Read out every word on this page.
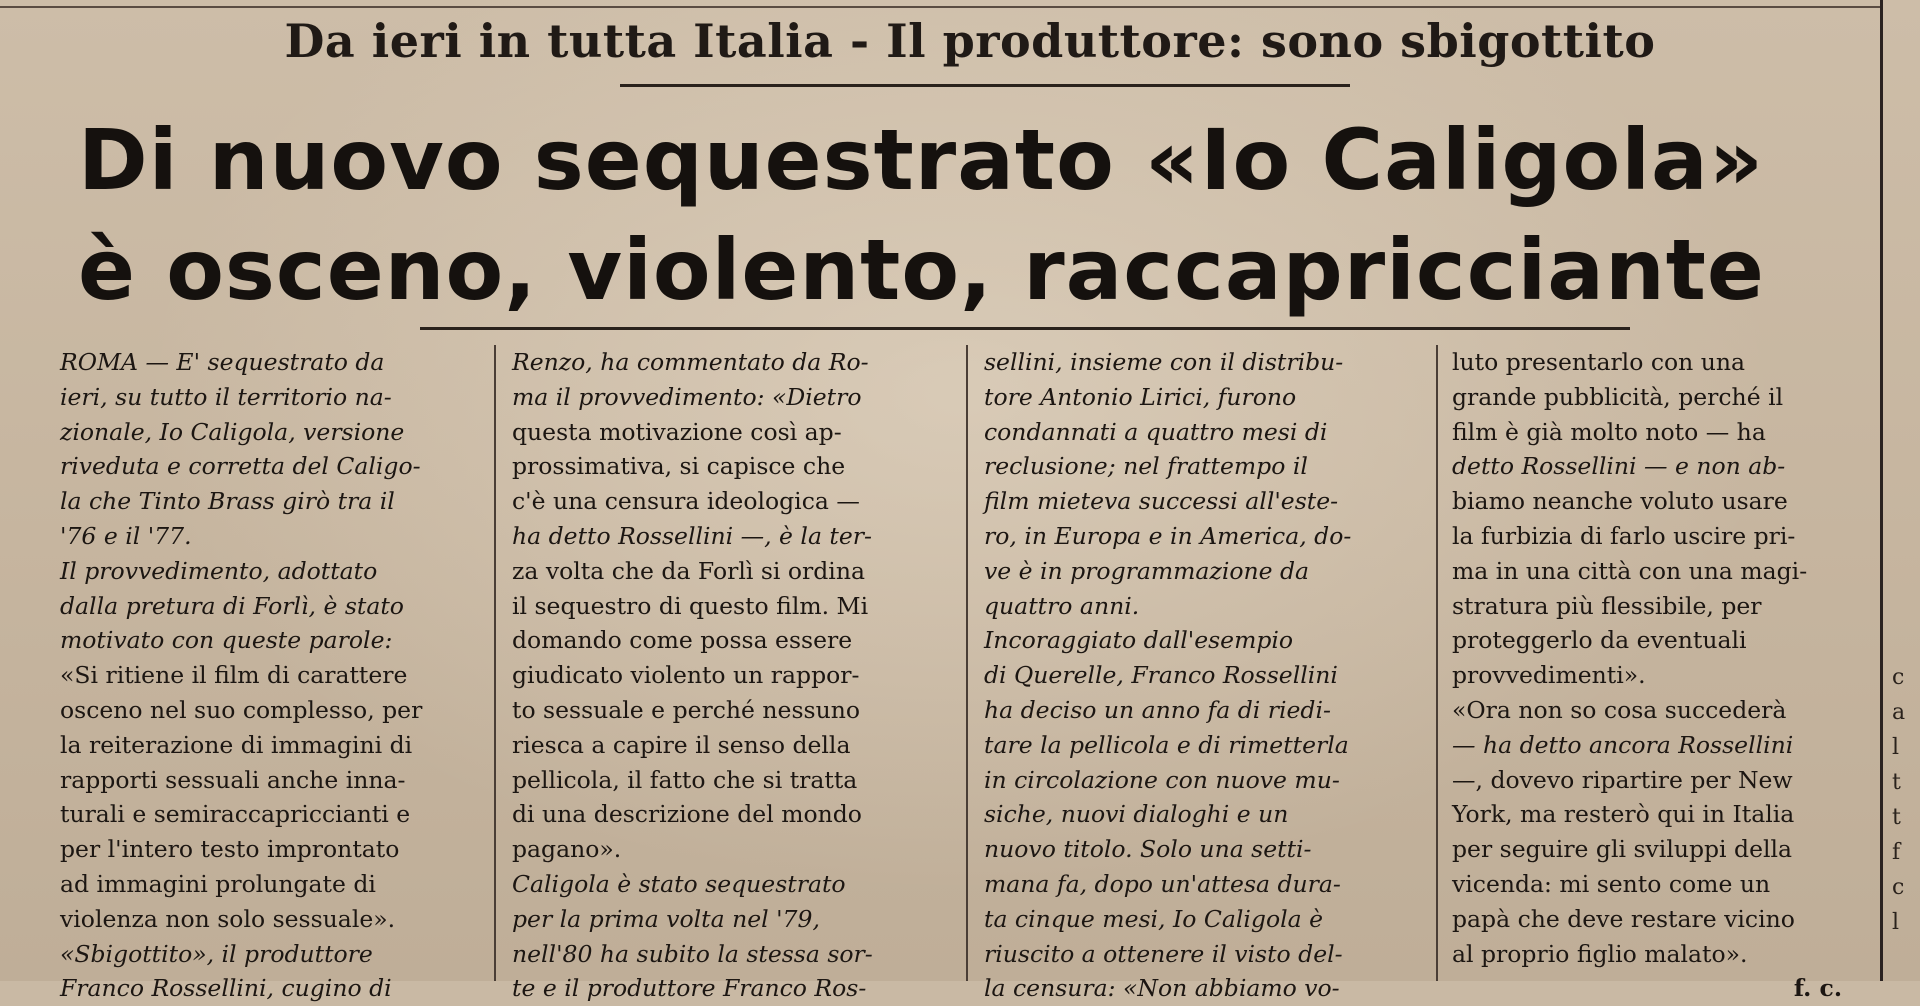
Da ieri in tutta Italia - Il produttore: sono sbigottito
Di nuovo sequestrato «Io Caligola»
è osceno, violento, raccapricciante
ROMA — E' sequestrato da
ieri, su tutto il territorio na-
zionale, Io Caligola, versione
riveduta e corretta del Caligo-
la che Tinto Brass girò tra il
'76 e il '77.
Il provvedimento, adottato
dalla pretura di Forlì, è stato
motivato con queste parole:
«Si ritiene il film di carattere
osceno nel suo complesso, per
la reiterazione di immagini di
rapporti sessuali anche inna-
turali e semiraccapriccianti e
per l'intero testo improntato
ad immagini prolungate di
violenza non solo sessuale».
«Sbigottito», il produttore
Franco Rossellini, cugino di
Renzo, ha commentato da Ro-
ma il provvedimento: «Dietro
questa motivazione così ap-
prossimativa, si capisce che
c'è una censura ideologica —
ha detto Rossellini —, è la ter-
za volta che da Forlì si ordina
il sequestro di questo film. Mi
domando come possa essere
giudicato violento un rappor-
to sessuale e perché nessuno
riesca a capire il senso della
pellicola, il fatto che si tratta
di una descrizione del mondo
pagano».
Caligola è stato sequestrato
per la prima volta nel '79,
nell'80 ha subito la stessa sor-
te e il produttore Franco Ros-
sellini, insieme con il distribu-
tore Antonio Lirici, furono
condannati a quattro mesi di
reclusione; nel frattempo il
film mieteva successi all'este-
ro, in Europa e in America, do-
ve è in programmazione da
quattro anni.
Incoraggiato dall'esempio
di Querelle, Franco Rossellini
ha deciso un anno fa di riedi-
tare la pellicola e di rimetterla
in circolazione con nuove mu-
siche, nuovi dialoghi e un
nuovo titolo. Solo una setti-
mana fa, dopo un'attesa dura-
ta cinque mesi, Io Caligola è
riuscito a ottenere il visto del-
la censura: «Non abbiamo vo-
luto presentarlo con una
grande pubblicità, perché il
film è già molto noto — ha
detto Rossellini — e non ab-
biamo neanche voluto usare
la furbizia di farlo uscire pri-
ma in una città con una magi-
stratura più flessibile, per
proteggerlo da eventuali
provvedimenti».
«Ora non so cosa succederà
— ha detto ancora Rossellini
—, dovevo ripartire per New
York, ma resterò qui in Italia
per seguire gli sviluppi della
vicenda: mi sento come un
papà che deve restare vicino
al proprio figlio malato».
f. c.
c
a
l
t
t
f
c
l
